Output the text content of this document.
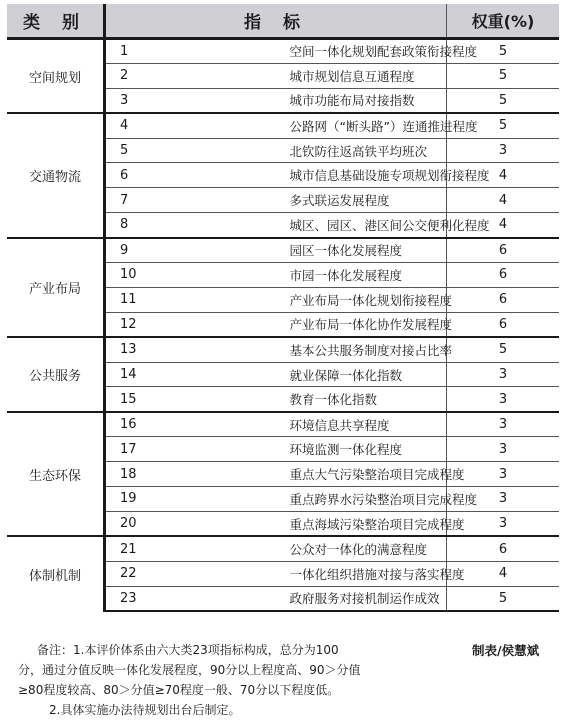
类 别	指 标		权重(%)
空间规划	1	空间一体化规划配套政策衔接程度	5
	2	城市规划信息互通程度	5
	3	城市功能布局对接指数	5
交通物流	4	公路网（“断头路”）连通推进程度	5
	5	北钦防往返高铁平均班次	3
	6	城市信息基础设施专项规划衔接程度	4
	7	多式联运发展程度	4
	8	城区、园区、港区间公交便利化程度	4
产业布局	9	园区一体化发展程度	6
	10	市园一体化发展程度	6
	11	产业布局一体化规划衔接程度	6
	12	产业布局一体化协作发展程度	6
公共服务	13	基本公共服务制度对接占比率	5
	14	就业保障一体化指数	3
	15	教育一体化指数	3
生态环保	16	环境信息共享程度	3
	17	环境监测一体化程度	3
	18	重点大气污染整治项目完成程度	3
	19	重点跨界水污染整治项目完成程度	3
	20	重点海域污染整治项目完成程度	3
体制机制	21	公众对一体化的满意程度	6
	22	一体化组织措施对接与落实程度	4
	23	政府服务对接机制运作成效	5
备注：1.本评价体系由六大类23项指标构成，总分为100
分，通过分值反映一体化发展程度，90分以上程度高、90＞分值
≥80程度较高、80＞分值≥70程度一般、70分以下程度低。
2.具体实施办法待规划出台后制定。
制表/侯慧斌
